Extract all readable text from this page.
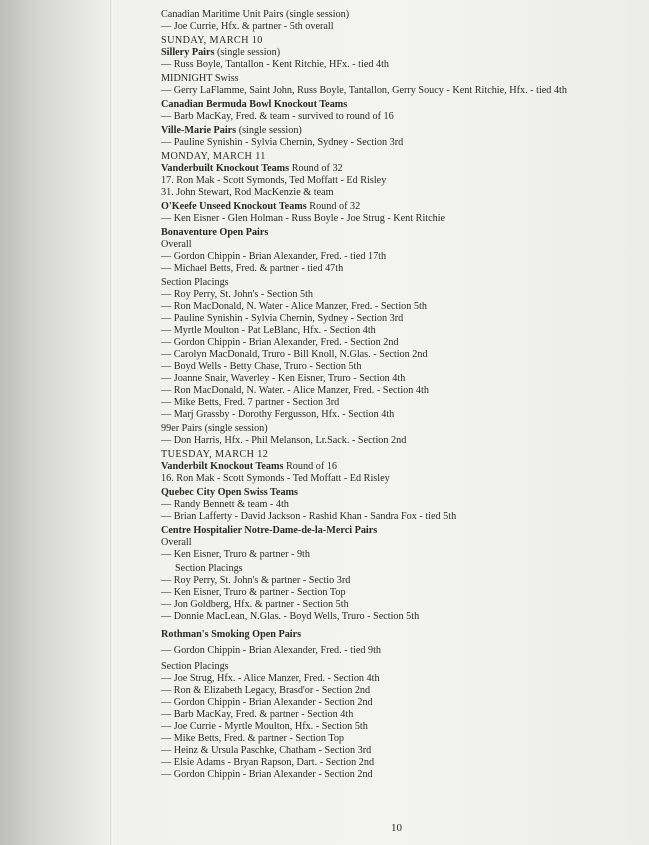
Canadian Maritime Unit Pairs (single session)
— Joe Currie, Hfx. & partner - 5th overall
SUNDAY, MARCH 10
Sillery Pairs (single session)
— Russ Boyle, Tantallon - Kent Ritchie, HFx. - tied 4th
MIDNIGHT Swiss
— Gerry LaFlamme, Saint John, Russ Boyle, Tantallon, Gerry Soucy - Kent Ritchie, Hfx. - tied 4th
Canadian Bermuda Bowl Knockout Teams
— Barb MacKay, Fred. & team - survived to round of 16
Ville-Marie Pairs (single session)
— Pauline Synishin - Sylvia Chernin, Sydney - Section 3rd
MONDAY, MARCH 11
Vanderbuilt Knockout Teams Round of 32
17. Ron Mak - Scott Symonds, Ted Moffatt - Ed Risley
31. John Stewart, Rod MacKenzie & team
O'Keefe Unseed Knockout Teams Round of 32
— Ken Eisner - Glen Holman - Russ Boyle - Joe Strug - Kent Ritchie
Bonaventure Open Pairs
Overall
— Gordon Chippin - Brian Alexander, Fred. - tied 17th
— Michael Betts, Fred. & partner - tied 47th
Section Placings
— Roy Perry, St. John's - Section 5th
— Ron MacDonald, N. Water - Alice Manzer, Fred. - Section 5th
— Pauline Synishin - Sylvia Chernin, Sydney - Section 3rd
— Myrtle Moulton - Pat LeBlanc, Hfx. - Section 4th
— Gordon Chippin - Brian Alexander, Fred. - Section 2nd
— Carolyn MacDonald, Truro - Bill Knoll, N.Glas. - Section 2nd
— Boyd Wells - Betty Chase, Truro - Section 5th
— Joanne Snair, Waverley - Ken Eisner, Truro - Section 4th
— Ron MacDonald, N. Water. - Alice Manzer, Fred. - Section 4th
— Mike Betts, Fred. 7 partner - Section 3rd
— Marj Grassby - Dorothy Fergusson, Hfx. - Section 4th
99er Pairs (single session)
— Don Harris, Hfx. - Phil Melanson, Lr.Sack. - Section 2nd
TUESDAY, MARCH 12
Vanderbilt Knockout Teams Round of 16
16. Ron Mak - Scott Symonds - Ted Moffatt - Ed Risley
Quebec City Open Swiss Teams
— Randy Bennett & team - 4th
— Brian Lafferty - David Jackson - Rashid Khan - Sandra Fox - tied 5th
Centre Hospitalier Notre-Dame-de-la-Merci Pairs
Overall
— Ken Eisner, Truro & partner - 9th
Section Placings
— Roy Perry, St. John's & partner - Sectio 3rd
— Ken Eisner, Truro & partner - Section Top
— Jon Goldberg, Hfx. & partner - Section 5th
— Donnie MacLean, N.Glas. - Boyd Wells, Truro - Section 5th
Rothman's Smoking Open Pairs
— Gordon Chippin - Brian Alexander, Fred. - tied 9th
Section Placings
— Joe Strug, Hfx. - Alice Manzer, Fred. - Section 4th
— Ron & Elizabeth Legacy, Brasd'or - Section 2nd
— Gordon Chippin - Brian Alexander - Section 2nd
— Barb MacKay, Fred. & partner - Section 4th
— Joe Currie - Myrtle Moulton, Hfx. - Section 5th
— Mike Betts, Fred. & partner - Section Top
— Heinz & Ursula Paschke, Chatham - Section 3rd
— Elsie Adams - Bryan Rapson, Dart. - Section 2nd
— Gordon Chippin - Brian Alexander - Section 2nd
10
